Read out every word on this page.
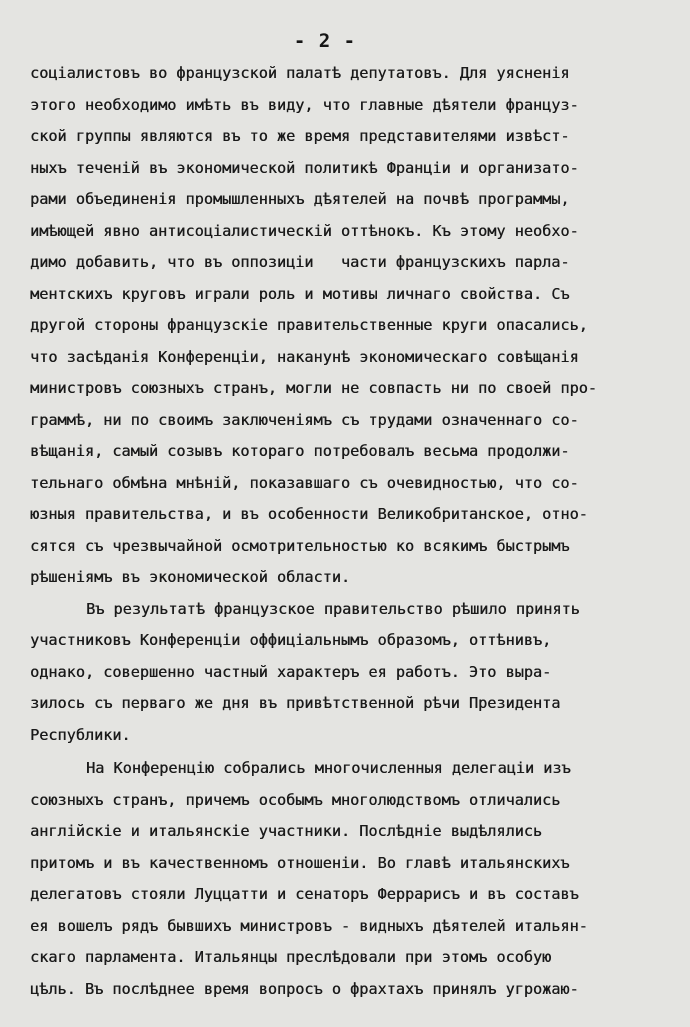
- 2 -
соціалистовъ во французской палатѣ депутатовъ. Для уясненія
этого необходимо имѣть въ виду, что главные дѣятели француз-
ской группы являются въ то же время представителями извѣст-
ныхъ теченій въ экономической политикѣ Франціи и организато-
рами объединенія промышленныхъ дѣятелей на почвѣ программы,
имѣющей явно антисоціалистическій оттѣнокъ. Къ этому необхо-
димо добавить, что въ оппозиціи   части французскихъ парла-
ментскихъ круговъ играли роль и мотивы личнаго свойства. Съ
другой стороны французскіе правительственные круги опасались,
что засѣданія Конференціи, наканунѣ экономическаго совѣщанія
министровъ союзныхъ странъ, могли не совпасть ни по своей про-
граммѣ, ни по своимъ заключеніямъ съ трудами означеннаго со-
вѣщанія, самый созывъ котораго потребовалъ весьма продолжи-
тельнаго обмѣна мнѣній, показавшаго съ очевидностью, что со-
юзныя правительства, и въ особенности Великобританское, отно-
сятся съ чрезвычайной осмотрительностью ко всякимъ быстрымъ
рѣшеніямъ въ экономической области.
Въ результатѣ французское правительство рѣшило принять
участниковъ Конференціи оффиціальнымъ образомъ, оттѣнивъ,
однако, совершенно частный характеръ ея работъ. Это выра-
зилось съ перваго же дня въ привѣтственной рѣчи Президента
Республики.
На Конференцію собрались многочисленныя делегаціи изъ
союзныхъ странъ, причемъ особымъ многолюдствомъ отличались
англійскіе и итальянскіе участники. Послѣдніе выдѣлялись
притомъ и въ качественномъ отношеніи. Во главѣ итальянскихъ
делегатовъ стояли Луццатти и сенаторъ Феррарисъ и въ составъ
ея вошелъ рядъ бывшихъ министровъ - видныхъ дѣятелей итальян-
скаго парламента. Итальянцы преслѣдовали при этомъ особую
цѣль. Въ послѣднее время вопросъ о фрахтахъ принялъ угрожаю-
